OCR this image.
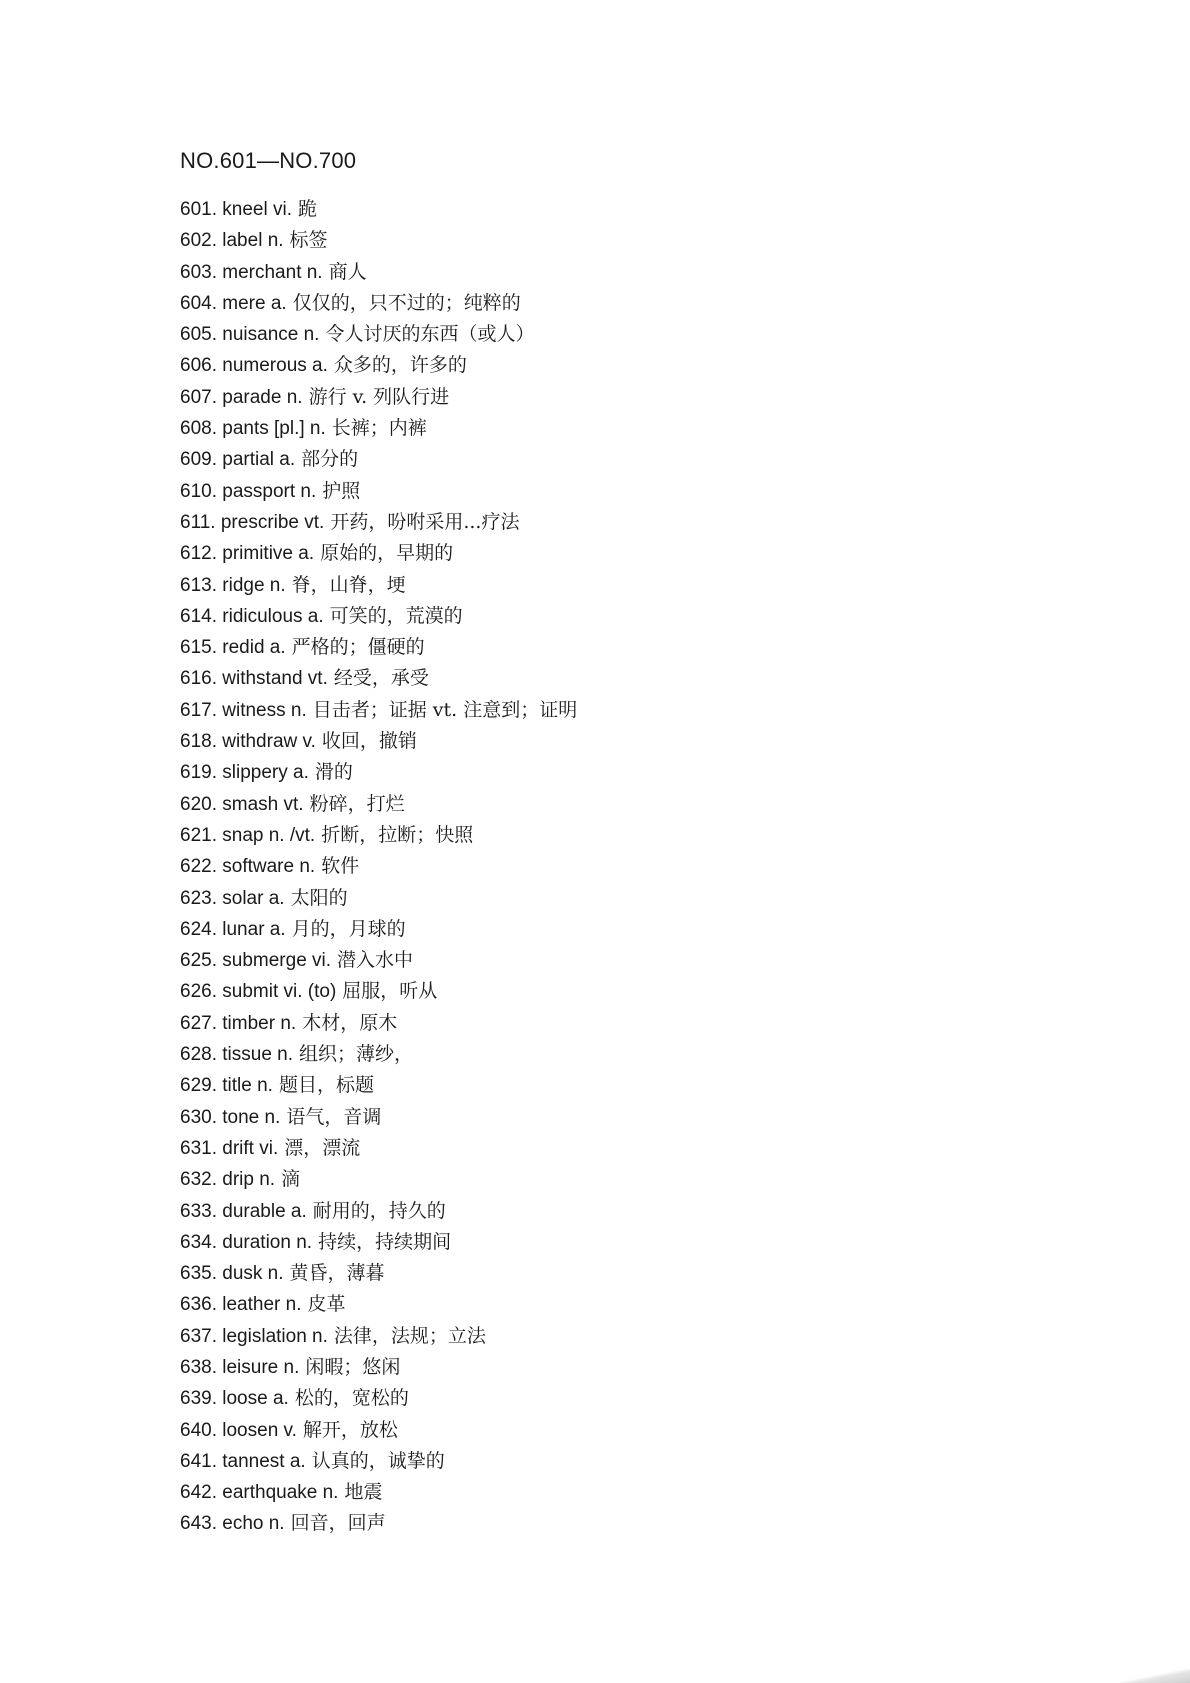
NO.601—NO.700
601. kneel vi. 跪
602. label n. 标签
603. merchant n. 商人
604. mere a. 仅仅的，只不过的；纯粹的
605. nuisance n. 令人讨厌的东西（或人）
606. numerous a. 众多的，许多的
607. parade n. 游行 v. 列队行进
608. pants [pl.] n. 长裤；内裤
609. partial a. 部分的
610. passport n. 护照
611. prescribe vt. 开药，吩咐采用...疗法
612. primitive a. 原始的，早期的
613. ridge n. 脊，山脊，埂
614. ridiculous a. 可笑的，荒漠的
615. redid a. 严格的；僵硬的
616. withstand vt. 经受，承受
617. witness n. 目击者；证据 vt. 注意到；证明
618. withdraw v. 收回，撤销
619. slippery a. 滑的
620. smash vt. 粉碎，打烂
621. snap n. /vt. 折断，拉断；快照
622. software n. 软件
623. solar a. 太阳的
624. lunar a. 月的，月球的
625. submerge vi. 潜入水中
626. submit vi. (to) 屈服，听从
627. timber n. 木材，原木
628. tissue n. 组织；薄纱，
629. title n. 题目，标题
630. tone n. 语气，音调
631. drift vi. 漂，漂流
632. drip n. 滴
633. durable a. 耐用的，持久的
634. duration n. 持续，持续期间
635. dusk n. 黄昏，薄暮
636. leather n. 皮革
637. legislation n. 法律，法规；立法
638. leisure n. 闲暇；悠闲
639. loose a. 松的，宽松的
640. loosen v. 解开，放松
641. tannest a. 认真的，诚挚的
642. earthquake n. 地震
643. echo n. 回音，回声
